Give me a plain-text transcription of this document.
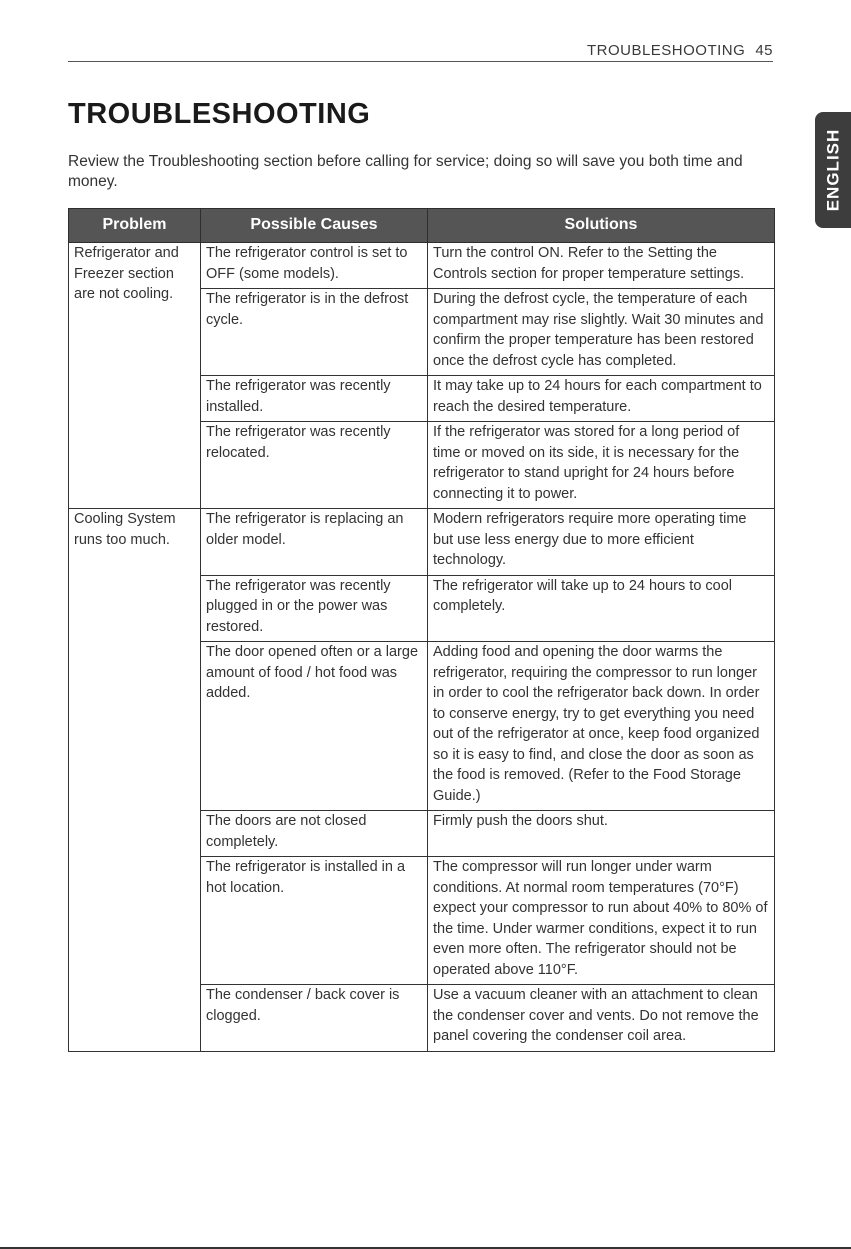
TROUBLESHOOTING 45
ENGLISH
TROUBLESHOOTING

Review the Troubleshooting section before calling for service; doing so will save you both time and money.

Problem	Possible Causes	Solutions
Refrigerator and Freezer section are not cooling.	The refrigerator control is set to OFF (some models).	Turn the control ON. Refer to the Setting the Controls section for proper temperature settings.
	The refrigerator is in the defrost cycle.	During the defrost cycle, the temperature of each compartment may rise slightly. Wait 30 minutes and confirm the proper temperature has been restored once the defrost cycle has completed.
	The refrigerator was recently installed.	It may take up to 24 hours for each compartment to reach the desired temperature.
	The refrigerator was recently relocated.	If the refrigerator was stored for a long period of time or moved on its side, it is necessary for the refrigerator to stand upright for 24 hours before connecting it to power.
Cooling System runs too much.	The refrigerator is replacing an older model.	Modern refrigerators require more operating time but use less energy due to more efficient technology.
	The refrigerator was recently plugged in or the power was restored.	The refrigerator will take up to 24 hours to cool completely.
	The door opened often or a large amount of food / hot food was added.	Adding food and opening the door warms the refrigerator, requiring the compressor to run longer in order to cool the refrigerator back down. In order to conserve energy, try to get everything you need out of the refrigerator at once, keep food organized so it is easy to find, and close the door as soon as the food is removed. (Refer to the Food Storage Guide.)
	The doors are not closed completely.	Firmly push the doors shut.
	The refrigerator is installed in a hot location.	The compressor will run longer under warm conditions. At normal room temperatures (70°F) expect your compressor to run about 40% to 80% of the time. Under warmer conditions, expect it to run even more often. The refrigerator should not be operated above 110°F.
	The condenser / back cover is clogged.	Use a vacuum cleaner with an attachment to clean the condenser cover and vents. Do not remove the panel covering the condenser coil area.
